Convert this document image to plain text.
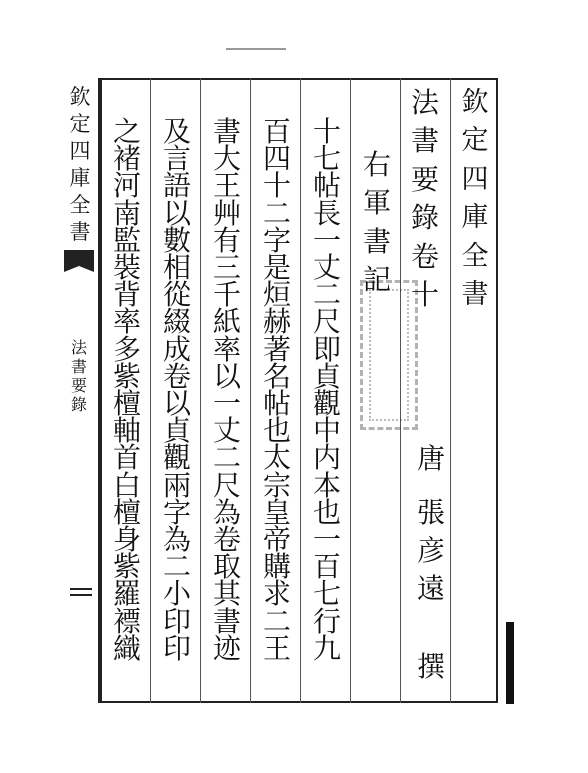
欽
定
四
庫
全
書
法
書
要
錄
欽
定
四
庫
全
書
法
書
要
錄
卷
十
右
軍
書
記
十
七
帖
長
一
丈
二
尺
即
貞
觀
中
内
本
也
一
百
七
行
九
百
四
十
二
字
是
烜
赫
著
名
帖
也
太
宗
皇
帝
購
求
二
王
書
大
王
艸
有
三
千
紙
率
以
一
丈
二
尺
為
卷
取
其
書
迹
及
言
語
以
數
相
從
綴
成
卷
以
貞
觀
兩
字
為
二
小
印
印
之
褚
河
南
監
裝
背
率
多
紫
檀
軸
首
白
檀
身
紫
羅
褾
織
唐
張
彦
遠
撰
